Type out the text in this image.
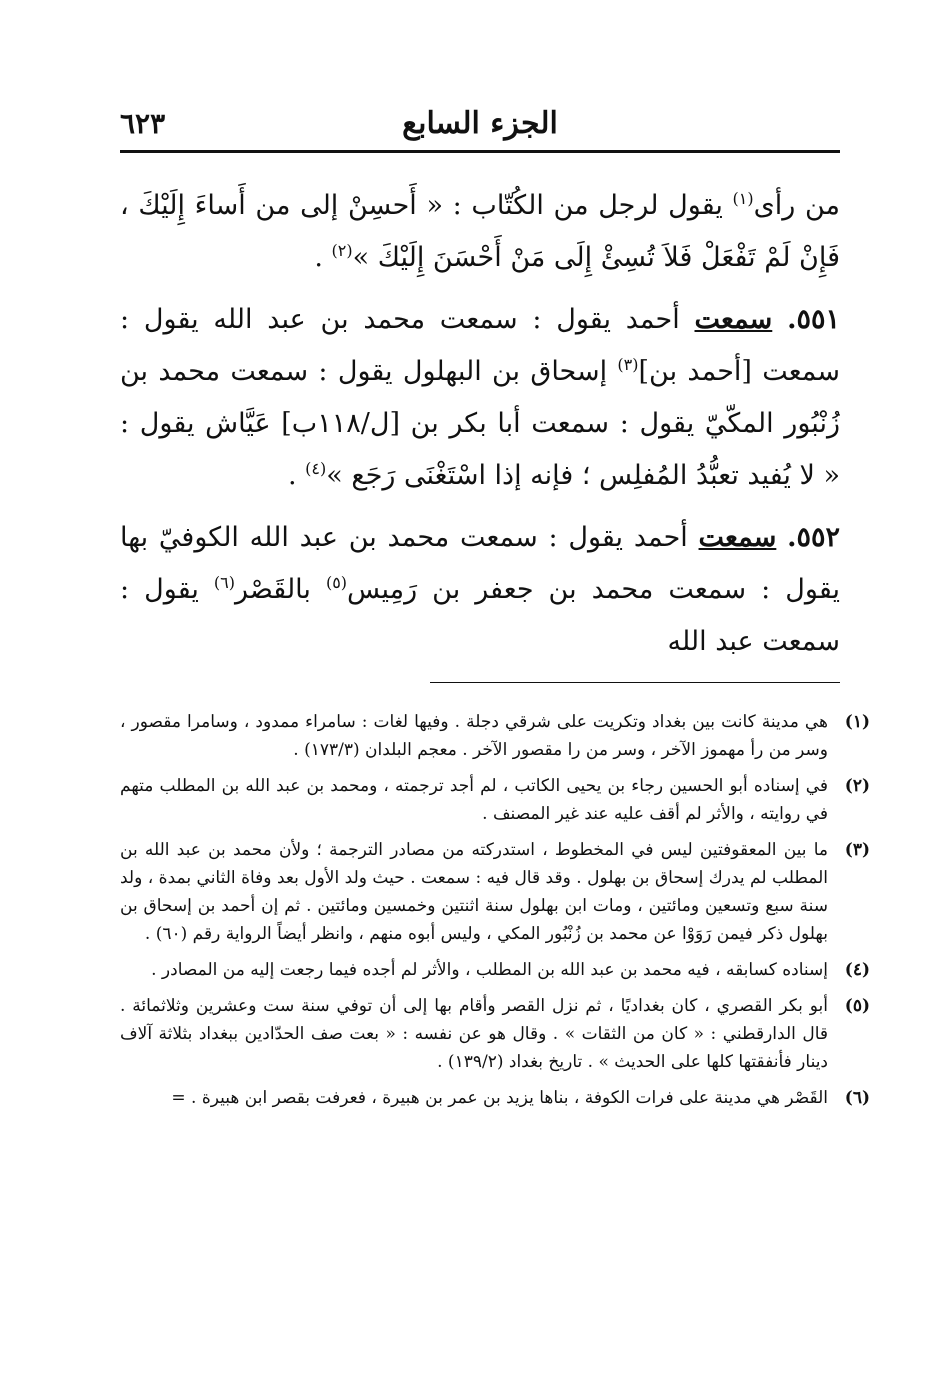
الجزء السابع
٦٢٣

من رأى$^{(١)}$ يقول لرجل من الكُتّاب : « أَحسِنْ إلى من أَساءَ إِلَيْكَ ، فَإِنْ لَمْ تَفْعَلْ فَلاَ تُسِئْ إِلَى مَنْ أَحْسَنَ إِلَيْكَ »$^{(٢)}$ .

٥٥١. سمعت أحمد يقول : سمعت محمد بن عبد الله يقول : سمعت [أحمد بن]$^{(٣)}$ إسحاق بن البهلول يقول : سمعت محمد بن زُنْبُور المكّيّ يقول : سمعت أبا بكر بن [ل/١١٨ب] عَيَّاش يقول : « لا يُفيد تعبُّدُ المُفلِس ؛ فإنه إذا اسْتَغْنَى رَجَع »$^{(٤)}$ .

٥٥٢. سمعت أحمد يقول : سمعت محمد بن عبد الله الكوفيّ بها يقول : سمعت محمد بن جعفر بن رَمِيس$^{(٥)}$ بالقَصْر$^{(٦)}$ يقول : سمعت عبد الله

(١)
هي مدينة كانت بين بغداد وتكريت على شرقي دجلة . وفيها لغات : سامراء ممدود ، وسامرا مقصور ، وسر من رأ مهموز الآخر ، وسر من را مقصور الآخر . معجم البلدان (١٧٣/٣) .
(٢)
في إسناده أبو الحسين رجاء بن يحيى الكاتب ، لم أجد ترجمته ، ومحمد بن عبد الله بن المطلب متهم في روايته ، والأثر لم أقف عليه عند غير المصنف .
(٣)
ما بين المعقوفتين ليس في المخطوط ، استدركته من مصادر الترجمة ؛ ولأن محمد بن عبد الله بن المطلب لم يدرك إسحاق بن بهلول . وقد قال فيه : سمعت . حيث ولد الأول بعد وفاة الثاني بمدة ، ولد سنة سبع وتسعين ومائتين ، ومات ابن بهلول سنة اثنتين وخمسين ومائتين . ثم إن أحمد بن إسحاق بن بهلول ذكر فيمن رَوَوْا عن محمد بن زُنْبُور المكي ، وليس أبوه منهم ، وانظر أيضاً الرواية رقم (٦٠) .
(٤)
إسناده كسابقه ، فيه محمد بن عبد الله بن المطلب ، والأثر لم أجده فيما رجعت إليه من المصادر .
(٥)
أبو بكر القصري ، كان بغداديًا ، ثم نزل القصر وأقام بها إلى أن توفي سنة ست وعشرين وثلاثمائة . قال الدارقطني : « كان من الثقات » . وقال هو عن نفسه : « بعت صف الحدّادين ببغداد بثلاثة آلاف دينار فأنفقتها كلها على الحديث » . تاريخ بغداد (١٣٩/٢) .
(٦)
القَصْر هي مدينة على فرات الكوفة ، بناها يزيد بن عمر بن هبيرة ، فعرفت بقصر ابن هبيرة . =
